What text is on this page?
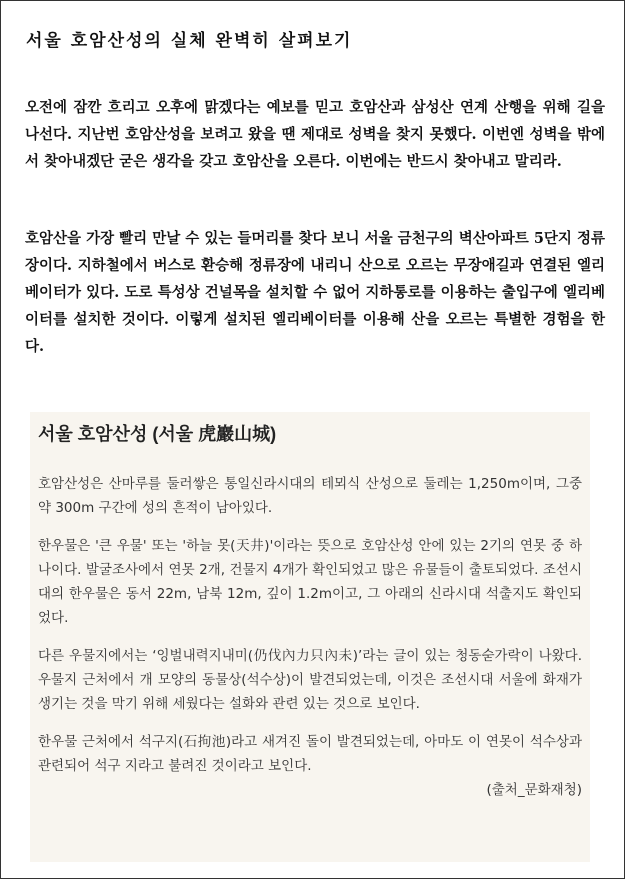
서울 호암산성의 실체 완벽히 살펴보기

오전에 잠깐 흐리고 오후에 맑겠다는 예보를 믿고 호암산과 삼성산 연계 산행을 위해 길을 나선다. 지난번 호암산성을 보려고 왔을 땐 제대로 성벽을 찾지 못했다. 이번엔 성벽을 밖에서 찾아내겠단 굳은 생각을 갖고 호암산을 오른다. 이번에는 반드시 찾아내고 말리라.

호암산을 가장 빨리 만날 수 있는 들머리를 찾다 보니 서울 금천구의 벽산아파트 5단지 정류장이다. 지하철에서 버스로 환승해 정류장에 내리니 산으로 오르는 무장애길과 연결된 엘리베이터가 있다. 도로 특성상 건널목을 설치할 수 없어 지하통로를 이용하는 출입구에 엘리베이터를 설치한 것이다. 이렇게 설치된 엘리베이터를 이용해 산을 오르는 특별한 경험을 한다.

서울 호암산성 (서울 虎巖山城)

호암산성은 산마루를 둘러쌓은 통일신라시대의 테뫼식 산성으로 둘레는 1,250m이며, 그중 약 300m 구간에 성의 흔적이 남아있다.

한우물은 '큰 우물' 또는 '하늘 못(天井)'이라는 뜻으로 호암산성 안에 있는 2기의 연못 중 하나이다. 발굴조사에서 연못 2개, 건물지 4개가 확인되었고 많은 유물들이 출토되었다. 조선시대의 한우물은 동서 22m, 남북 12m, 깊이 1.2m이고, 그 아래의 신라시대 석출지도 확인되었다.

다른 우물지에서는 ‘잉벌내력지내미(仍伐內力只內未)’라는 글이 있는 청동숟가락이 나왔다. 우물지 근처에서 개 모양의 동물상(석수상)이 발견되었는데, 이것은 조선시대 서울에 화재가 생기는 것을 막기 위해 세웠다는 설화와 관련 있는 것으로 보인다.

한우물 근처에서 석구지(石拘池)라고 새겨진 돌이 발견되었는데, 아마도 이 연못이 석수상과 관련되어 석구 지라고 불려진 것이라고 보인다.

(출처_문화재청)
